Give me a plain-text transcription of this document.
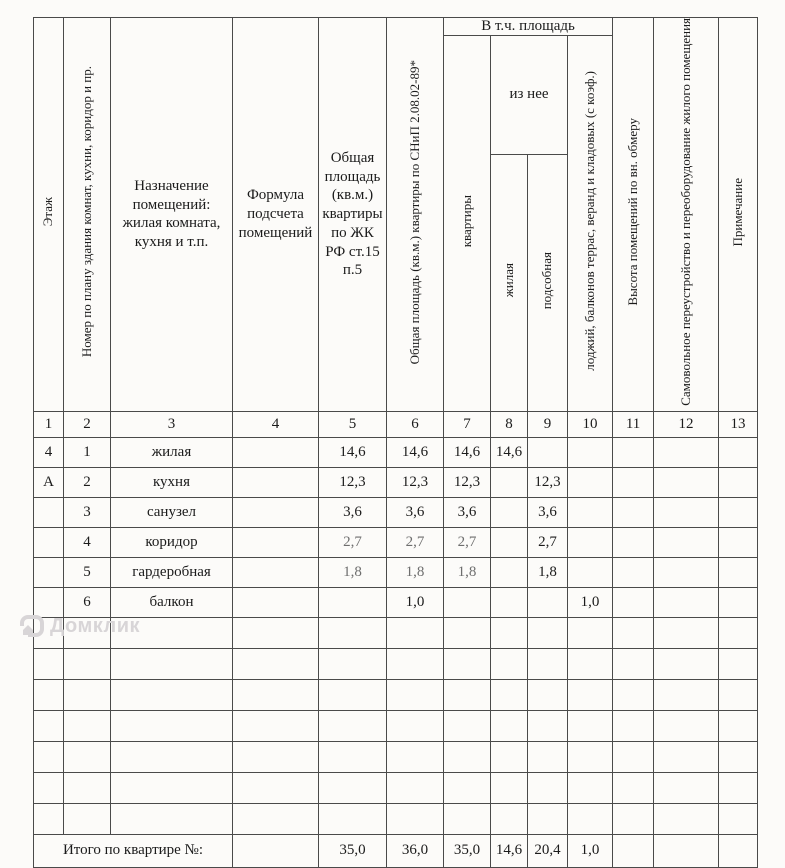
Этаж	Номер по плану здания комнат, кухни, коридор и пр.	Назначение помещений: жилая комната, кухня и т.п.	Формула подсчета помещений	Общая площадь (кв.м.) квартиры по ЖК РФ ст.15 п.5	Общая площадь (кв.м.) квартиры по СНиП 2.08.02-89*	В т.ч. площадь				Высота помещений по вн. обмеру	Самовольное переустройство и переоборудование жилого помещения	Примечание
						квартиры	из нее		лоджий, балконов террас, веранд и кладовых (с коэф.)			
							жилая	подсобная				
1	2	3	4	5	6	7	8	9	10	11	12	13
4	1	жилая		14,6	14,6	14,6	14,6					
А	2	кухня		12,3	12,3	12,3		12,3				
	3	санузел		3,6	3,6	3,6		3,6				
	4	коридор		2,7	2,7	2,7		2,7				
	5	гардеробная		1,8	1,8	1,8		1,8				
	6	балкон			1,0				1,0			

Итого по квартире №:				35,0	36,0	35,0	14,6	20,4	1,0			
Домклик
